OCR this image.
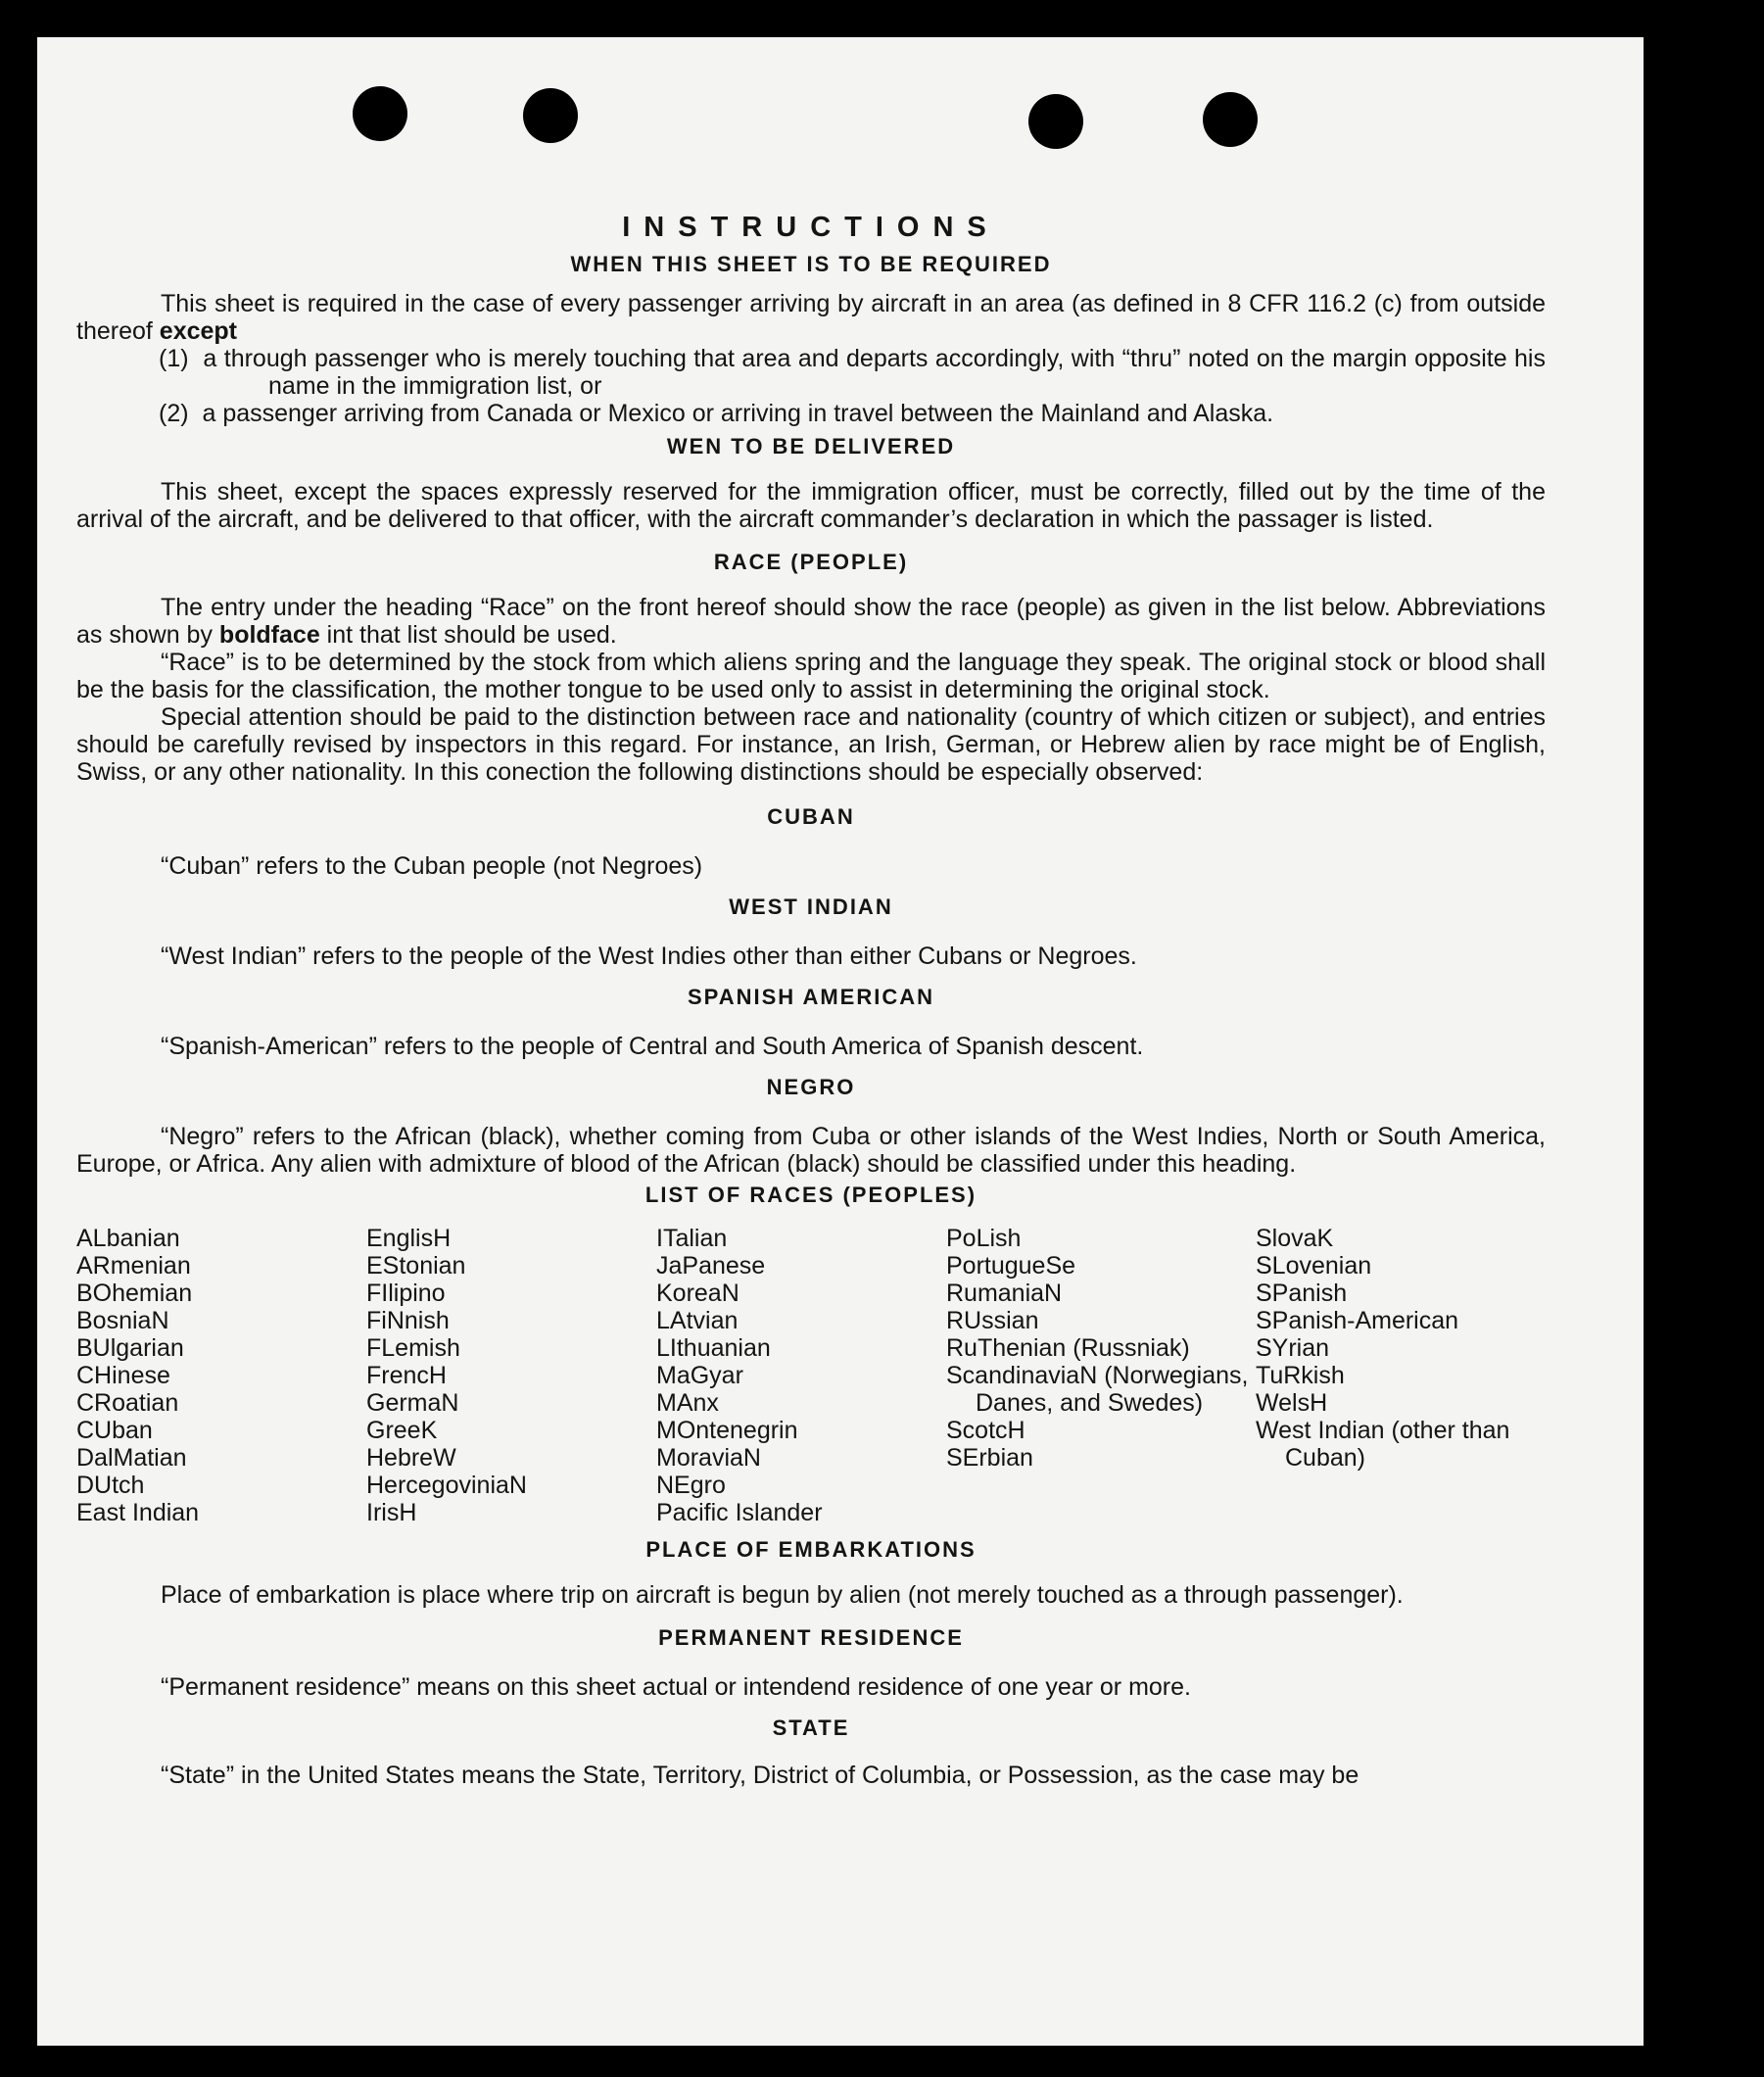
INSTRUCTIONS
WHEN THIS SHEET IS TO BE REQUIRED

This sheet is required in the case of every passenger arriving by aircraft in an area (as defined in 8 CFR 116.2 (c) from outside thereof except

(1) a through passenger who is merely touching that area and departs accordingly, with “thru” noted on the margin opposite his name in the immigration list, or

(2) a passenger arriving from Canada or Mexico or arriving in travel between the Mainland and Alaska.

WEN TO BE DELIVERED

This sheet, except the spaces expressly reserved for the immigration officer, must be correctly, filled out by the time of the arrival of the aircraft, and be delivered to that officer, with the aircraft commander’s declaration in which the passager is listed.

RACE (PEOPLE)

The entry under the heading “Race” on the front hereof should show the race (people) as given in the list below. Abbreviations as shown by boldface int that list should be used.

“Race” is to be determined by the stock from which aliens spring and the language they speak. The original stock or blood shall be the basis for the classification, the mother tongue to be used only to assist in determining the original stock.

Special attention should be paid to the distinction between race and nationality (country of which citizen or subject), and entries should be carefully revised by inspectors in this regard. For instance, an Irish, German, or Hebrew alien by race might be of English, Swiss, or any other nationality. In this conection the following distinctions should be especially observed:

CUBAN

“Cuban” refers to the Cuban people (not Negroes)

WEST INDIAN

“West Indian” refers to the people of the West Indies other than either Cubans or Negroes.

SPANISH AMERICAN

“Spanish-American” refers to the people of Central and South America of Spanish descent.

NEGRO

“Negro” refers to the African (black), whether coming from Cuba or other islands of the West Indies, North or South America, Europe, or Africa. Any alien with admixture of blood of the African (black) should be classified under this heading.

LIST OF RACES (PEOPLES)
ALbanian
ARmenian
BOhemian
BosniaN
BUlgarian
CHinese
CRoatian
CUban
DalMatian
DUtch
East Indian
EnglisH
EStonian
FIlipino
FiNnish
FLemish
FrencH
GermaN
GreeK
HebreW
HercegoviniaN
IrisH
ITalian
JaPanese
KoreaN
LAtvian
LIthuanian
MaGyar
MAnx
MOntenegrin
MoraviaN
NEgro
Pacific Islander
PoLish
PortugueSe
RumaniaN
RUssian
RuThenian (Russniak)
ScandinaviaN (Norwegians, Danes, and Swedes)
ScotcH
SErbian
SlovaK
SLovenian
SPanish
SPanish-American
SYrian
TuRkish
WelsH
West Indian (other than Cuban)
PLACE OF EMBARKATIONS

Place of embarkation is place where trip on aircraft is begun by alien (not merely touched as a through passenger).

PERMANENT RESIDENCE

“Permanent residence” means on this sheet actual or intendend residence of one year or more.

STATE

“State” in the United States means the State, Territory, District of Columbia, or Possession, as the case may be
